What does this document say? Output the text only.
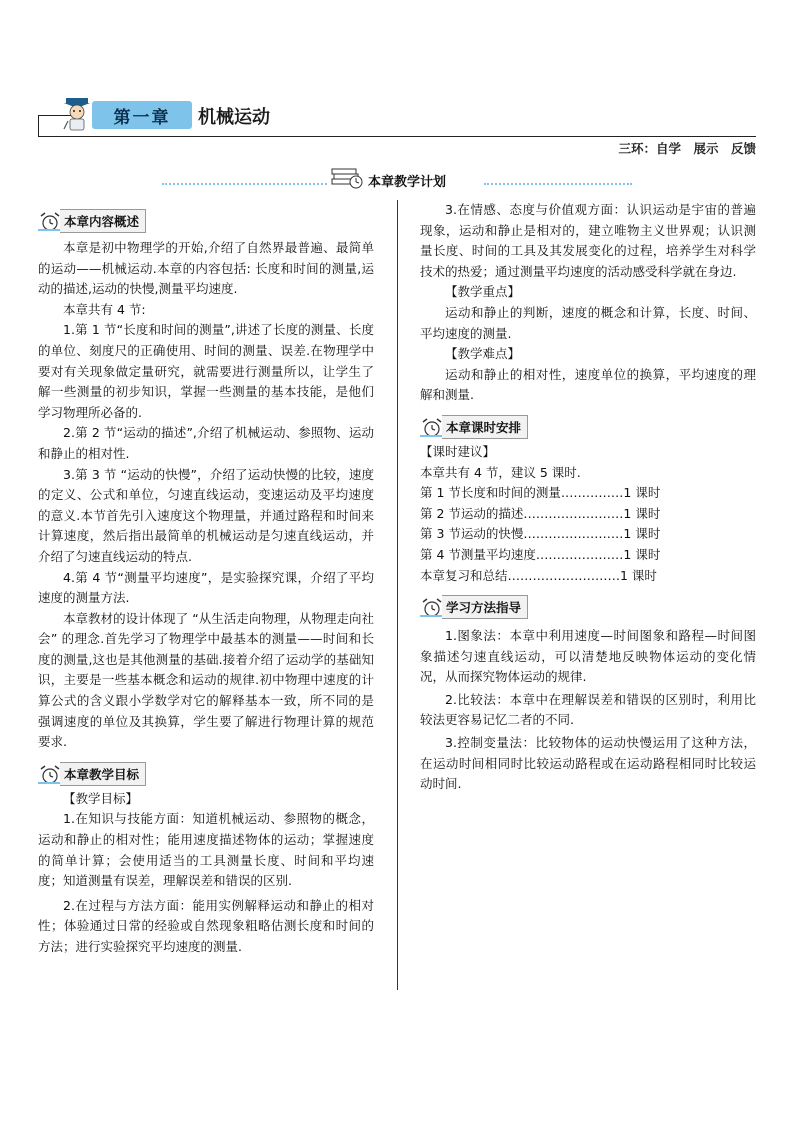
第一章	机械运动
三环：自学　展示　反馈
本章教学计划
本章内容概述

本章是初中物理学的开始,介绍了自然界最普遍、最简单的运动——机械运动.本章的内容包括: 长度和时间的测量,运动的描述,运动的快慢,测量平均速度.

本章共有 4 节:

1.第 1 节“长度和时间的测量”,讲述了长度的测量、长度的单位、刻度尺的正确使用、时间的测量、误差.在物理学中要对有关现象做定量研究，就需要进行测量所以，让学生了解一些测量的初步知识，掌握一些测量的基本技能，是他们学习物理所必备的.

2.第 2 节“运动的描述”,介绍了机械运动、参照物、运动和静止的相对性.

3.第 3 节 “运动的快慢”，介绍了运动快慢的比较，速度的定义、公式和单位，匀速直线运动，变速运动及平均速度的意义.本节首先引入速度这个物理量，并通过路程和时间来计算速度，然后指出最简单的机械运动是匀速直线运动，并介绍了匀速直线运动的特点.

4.第 4 节“测量平均速度”，是实验探究课，介绍了平均速度的测量方法.

本章教材的设计体现了 “从生活走向物理，从物理走向社会” 的理念.首先学习了物理学中最基本的测量——时间和长度的测量,这也是其他测量的基础.接着介绍了运动学的基础知识，主要是一些基本概念和运动的规律.初中物理中速度的计算公式的含义跟小学数学对它的解释基本一致，所不同的是强调速度的单位及其换算，学生要了解进行物理计算的规范要求.

本章教学目标

【教学目标】

1.在知识与技能方面：知道机械运动、参照物的概念，运动和静止的相对性；能用速度描述物体的运动；掌握速度的简单计算；会使用适当的工具测量长度、时间和平均速度；知道测量有误差，理解误差和错误的区别.

2.在过程与方法方面：能用实例解释运动和静止的相对性；体验通过日常的经验或自然现象粗略估测长度和时间的方法；进行实验探究平均速度的测量.

3.在情感、态度与价值观方面：认识运动是宇宙的普遍现象，运动和静止是相对的，建立唯物主义世界观；认识测量长度、时间的工具及其发展变化的过程，培养学生对科学技术的热爱；通过测量平均速度的活动感受科学就在身边.

【教学重点】

运动和静止的判断，速度的概念和计算，长度、时间、平均速度的测量.

【教学难点】

运动和静止的相对性，速度单位的换算，平均速度的理解和测量.

本章课时安排
【课时建议】
本章共有 4 节，建议 5 课时.
第 1 节长度和时间的测量……………1 课时
第 2 节运动的描述……………………1 课时
第 3 节运动的快慢……………………1 课时
第 4 节测量平均速度…………………1 课时
本章复习和总结………………………1 课时
学习方法指导

1.图象法：本章中利用速度—时间图象和路程—时间图象描述匀速直线运动，可以清楚地反映物体运动的变化情况，从而探究物体运动的规律.

2.比较法：本章中在理解误差和错误的区别时，利用比较法更容易记忆二者的不同.

3.控制变量法：比较物体的运动快慢运用了这种方法，在运动时间相同时比较运动路程或在运动路程相同时比较运动时间.
